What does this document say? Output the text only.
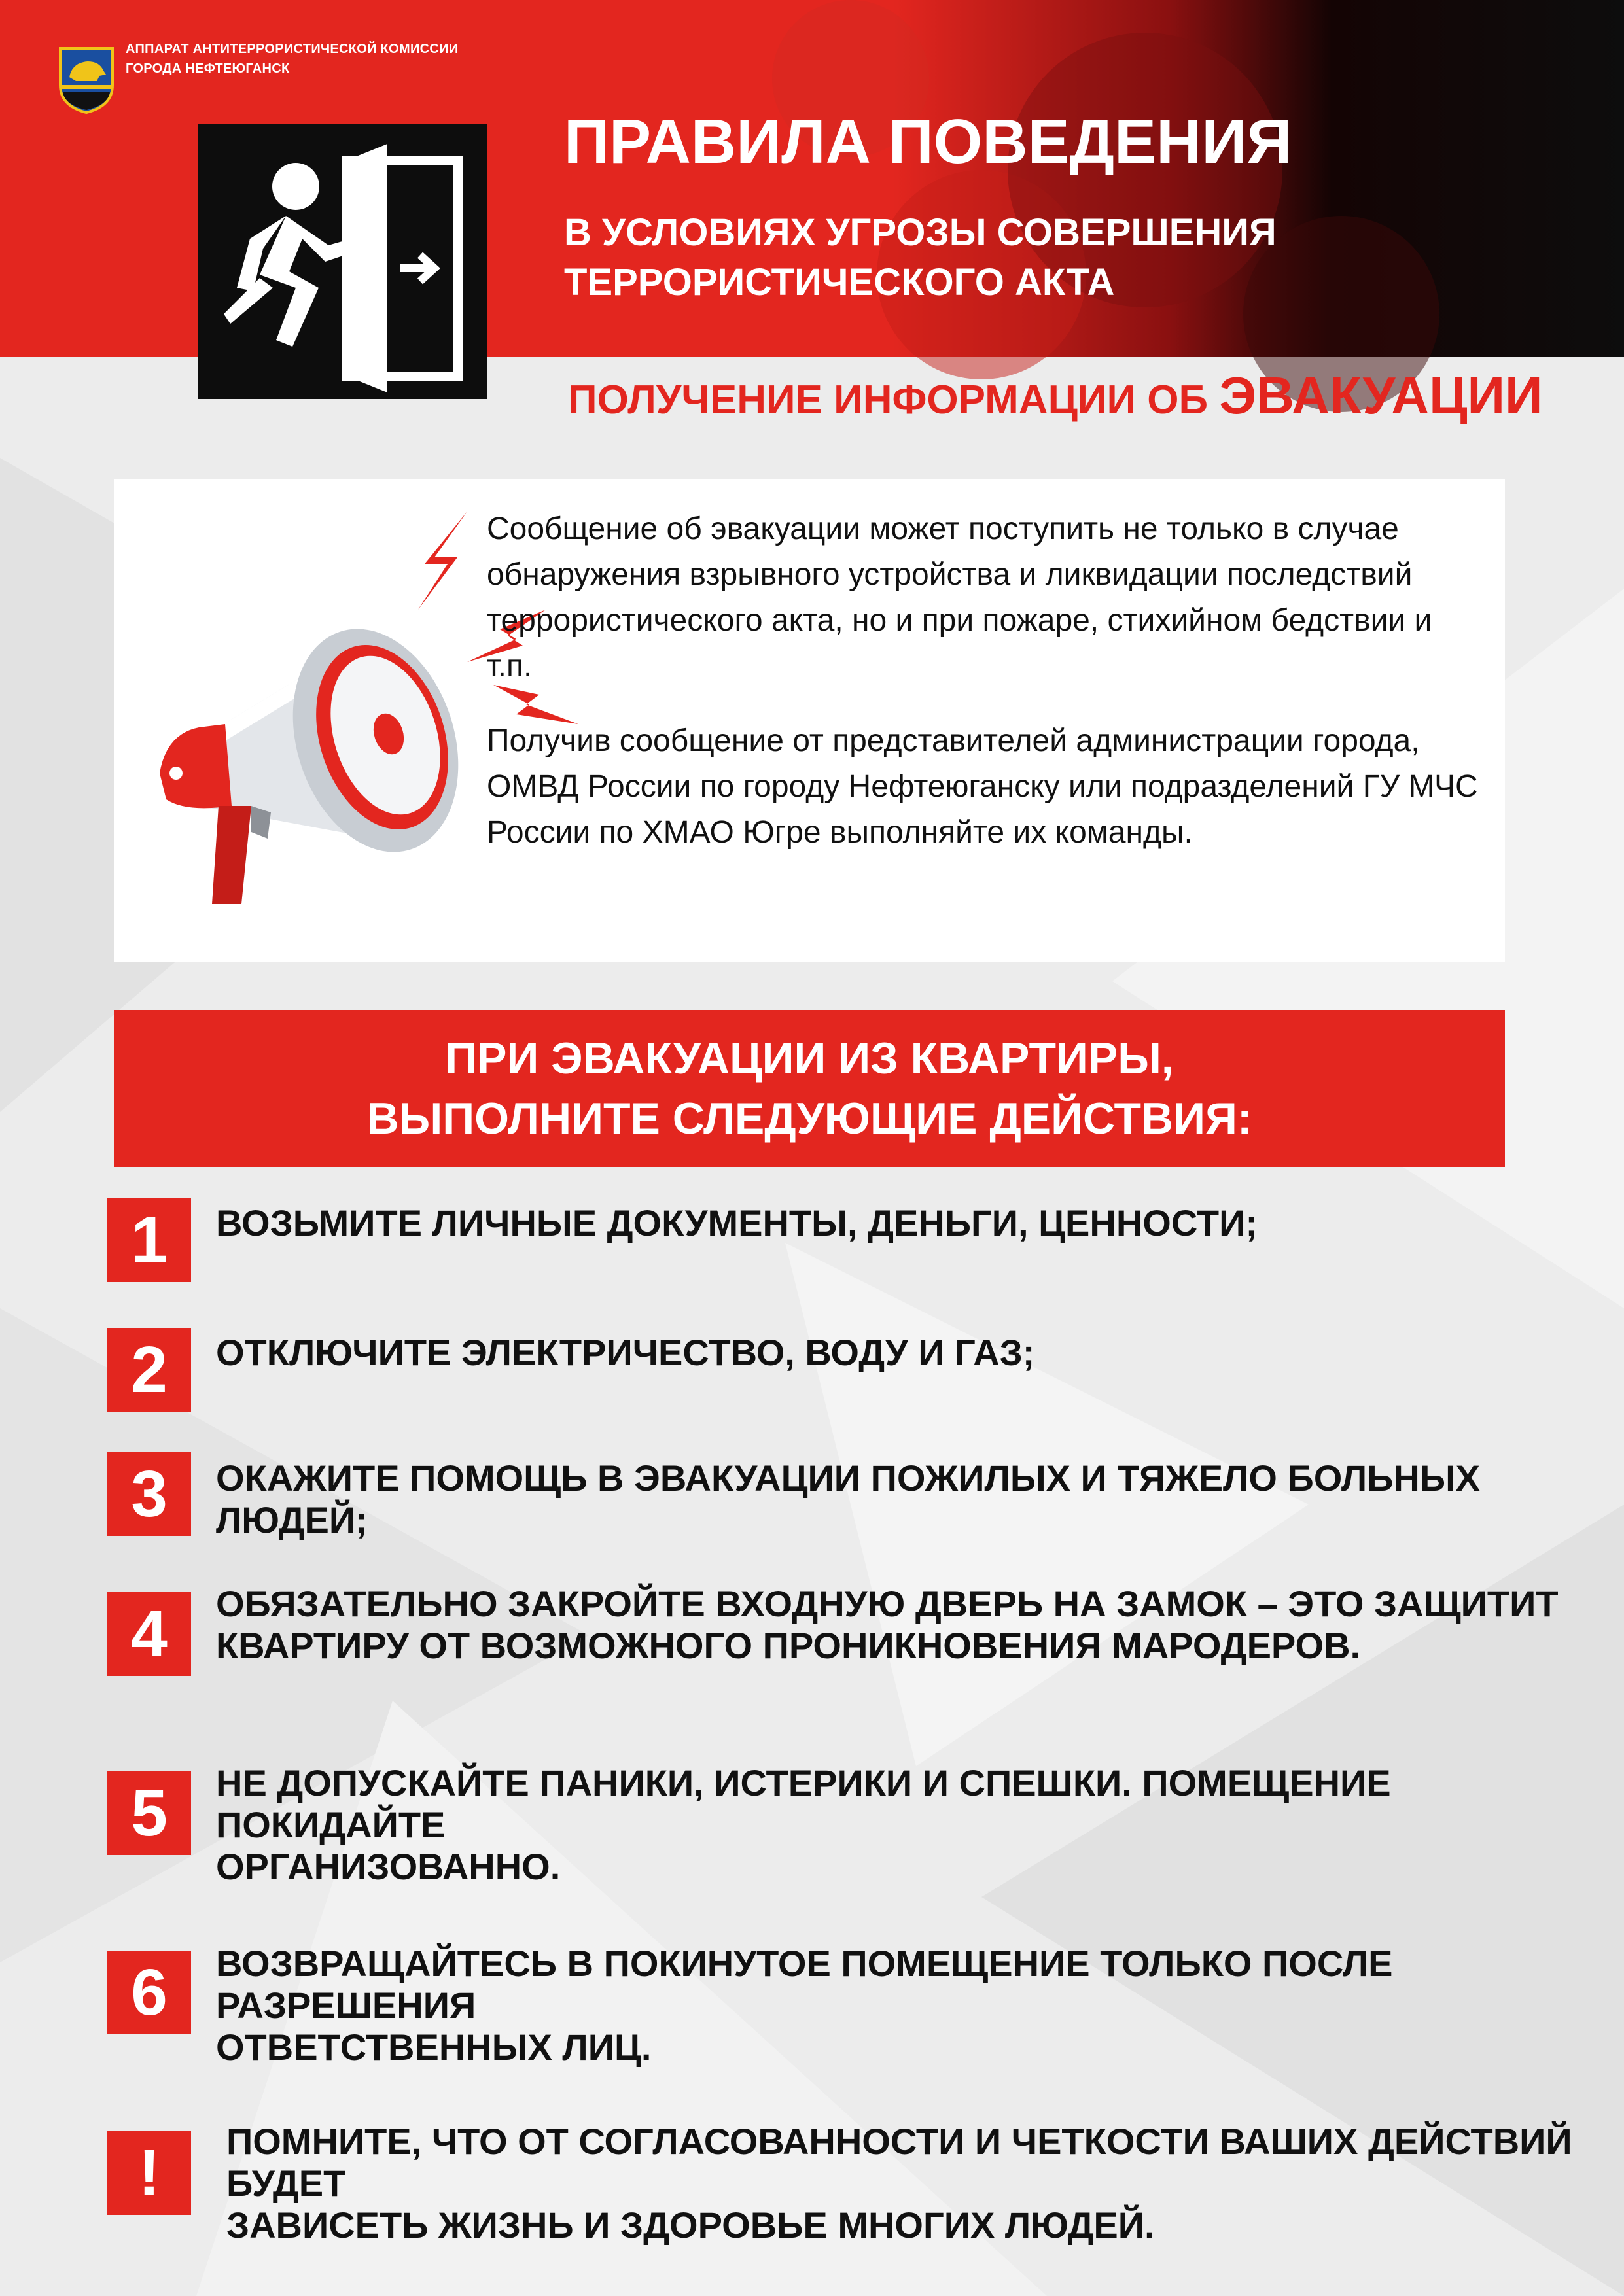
АППАРАТ АНТИТЕРРОРИСТИЧЕСКОЙ КОМИССИИ
ГОРОДА НЕФТЕЮГАНСК
ПРАВИЛА ПОВЕДЕНИЯ
В УСЛОВИЯХ УГРОЗЫ СОВЕРШЕНИЯ
ТЕРРОРИСТИЧЕСКОГО АКТА
ПОЛУЧЕНИЕ ИНФОРМАЦИИ ОБ ЭВАКУАЦИИ

Сообщение об эвакуации может поступить не только в случае обнаружения взрывного устройства и ликвидации последствий террористического акта, но и при пожаре, стихийном бедствии и т.п.

Получив сообщение от представителей администрации города, ОМВД России по городу Нефтеюганску или подразделений ГУ МЧС России по ХМАО Югре выполняйте их команды.

ПРИ ЭВАКУАЦИИ ИЗ КВАРТИРЫ,
ВЫПОЛНИТЕ СЛЕДУЮЩИЕ ДЕЙСТВИЯ:
1	ВОЗЬМИТЕ ЛИЧНЫЕ ДОКУМЕНТЫ, ДЕНЬГИ, ЦЕННОСТИ;
2	ОТКЛЮЧИТЕ ЭЛЕКТРИЧЕСТВО, ВОДУ И ГАЗ;
3	ОКАЖИТЕ ПОМОЩЬ В ЭВАКУАЦИИ ПОЖИЛЫХ И ТЯЖЕЛО БОЛЬНЫХ ЛЮДЕЙ;
4	ОБЯЗАТЕЛЬНО ЗАКРОЙТЕ ВХОДНУЮ ДВЕРЬ НА ЗАМОК – ЭТО ЗАЩИТИТ
КВАРТИРУ ОТ ВОЗМОЖНОГО ПРОНИКНОВЕНИЯ МАРОДЕРОВ.
5	НЕ ДОПУСКАЙТЕ ПАНИКИ, ИСТЕРИКИ И СПЕШКИ. ПОМЕЩЕНИЕ ПОКИДАЙТЕ
ОРГАНИЗОВАННО.
6	ВОЗВРАЩАЙТЕСЬ В ПОКИНУТОЕ ПОМЕЩЕНИЕ ТОЛЬКО ПОСЛЕ РАЗРЕШЕНИЯ
ОТВЕТСТВЕННЫХ ЛИЦ.
!	ПОМНИТЕ, ЧТО ОТ СОГЛАСОВАННОСТИ И ЧЕТКОСТИ ВАШИХ ДЕЙСТВИЙ БУДЕТ
ЗАВИСЕТЬ ЖИЗНЬ И ЗДОРОВЬЕ МНОГИХ ЛЮДЕЙ.
